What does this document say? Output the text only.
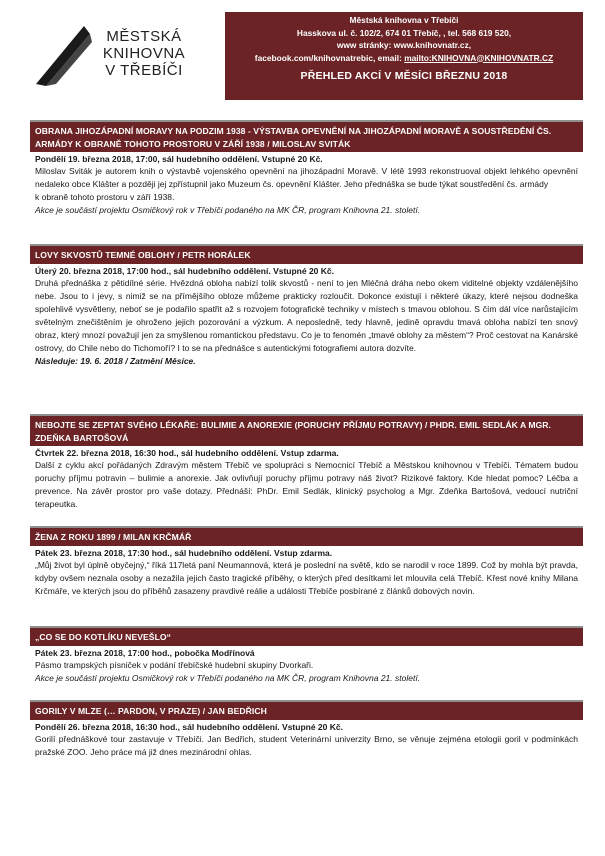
MĚSTSKÁ
KNIHOVNA
V TŘEBÍČI
Městská knihovna v Třebíči
Hasskova ul. č. 102/2, 674 01 Třebíč, , tel. 568 619 520,
www stránky: www.knihovnatr.cz,
facebook.com/knihovnatrebic, email: mailto:KNIHOVNA@KNIHOVNATR.CZ
PŘEHLED AKCÍ V MĚSÍCI BŘEZNU 2018
OBRANA JIHOZÁPADNÍ MORAVY NA PODZIM 1938 - VÝSTAVBA OPEVNĚNÍ NA JIHOZÁPADNÍ MORAVĚ A SOUSTŘEDĚNÍ ČS. ARMÁDY K OBRANĚ TOHOTO PROSTORU V ZÁŘÍ 1938 / MILOSLAV SVITÁK
Pondělí 19. března 2018, 17:00, sál hudebního oddělení. Vstupné 20 Kč.

Miloslav Sviták je autorem knih o výstavbě vojenského opevnění na jihozápadní Moravě. V létě 1993 rekonstruoval objekt lehkého opevnění nedaleko obce Klášter a později jej zpřístupnil jako Muzeum čs. opevnění Klášter. Jeho přednáška se bude týkat soustředění čs. armády

k obraně tohoto prostoru v září 1938.

Akce je součástí projektu Osmičkový rok v Třebíči podaného na MK ČR, program Knihovna 21. století.
LOVY SKVOSTŮ TEMNÉ OBLOHY / PETR HORÁLEK
Úterý 20. března 2018, 17:00 hod., sál hudebního oddělení. Vstupné 20 Kč.

Druhá přednáška z pětidílné série. Hvězdná obloha nabízí tolik skvostů - není to jen Mléčná dráha nebo okem viditelné objekty vzdálenějšího nebe. Jsou to i jevy, s nimiž se na přímějšího obloze můžeme prakticky rozloučit. Dokonce existují i některé úkazy, které nejsou dodneška spolehlivě vysvětleny, neboť se je podařilo spatřit až s rozvojem fotografické techniky v místech s tmavou oblohou. S čím dál více narůstajícím světelným znečištěním je ohroženo jejich pozorování a výzkum. A neposledně, tedy hlavně, jedině opravdu tmavá obloha nabízí ten snový obraz, který mnozí považují jen za smyšlenou romantickou představu. Co je to fenomén „tmavé oblohy za městem“? Proč cestovat na Kanárské ostrovy, do Chile nebo do Tichomoří? I to se na přednášce s autentickými fotografiemi autora dozvíte.

Následuje: 19. 6. 2018 / Zatmění Měsíce.
NEBOJTE SE ZEPTAT SVÉHO LÉKAŘE: BULIMIE A ANOREXIE (PORUCHY PŘÍJMU POTRAVY) / PHDR. EMIL SEDLÁK A MGR. ZDEŇKA BARTOŠOVÁ
Čtvrtek 22. března 2018, 16:30 hod., sál hudebního oddělení. Vstup zdarma.

Další z cyklu akcí pořádaných Zdravým městem Třebíč ve spolupráci s Nemocnicí Třebíč a Městskou knihovnou v Třebíči. Tématem budou poruchy příjmu potravin – bulimie a anorexie. Jak ovlivňují poruchy příjmu potravy náš život? Rizikové faktory. Kde hledat pomoc? Léčba a prevence. Na závěr prostor pro vaše dotazy. Přednáší: PhDr. Emil Sedlák, klinický psycholog a Mgr. Zdeňka Bartošová, vedoucí nutriční terapeutka.

ŽENA Z ROKU 1899 / MILAN KRČMÁŘ
Pátek 23. března 2018, 17:30 hod., sál hudebního oddělení. Vstup zdarma.

„Můj život byl úplně obyčejný,“ říká 117letá paní Neumannová, která je poslední na světě, kdo se narodil v roce 1899. Což by mohla být pravda, kdyby ovšem neznala osoby a nezažila jejich často tragické příběhy, o kterých před desítkami let mlouvila celá Třebíč. Křest nové knihy Milana Krčmáře, ve kterých jsou do příběhů zasazeny pravdivé reálie a události Třebíče posbírané z článků dobových novin.

„CO SE DO KOTLÍKU NEVEŠLO“
Pátek 23. března 2018, 17:00 hod., pobočka Modřínová

Pásmo trampských písniček v podání třebíčské hudební skupiny Dvorkaři.

Akce je součástí projektu Osmičkový rok v Třebíči podaného na MK ČR, program Knihovna 21. století.
GORILY V MLZE (… PARDON, V PRAZE) / JAN BEDŘICH
Pondělí 26. března 2018, 16:30 hod., sál hudebního oddělení. Vstupné 20 Kč.

Gorilí přednáškové tour zastavuje v Třebíči. Jan Bedřich, student Veterinární univerzity Brno, se věnuje zejména etologii goril v podmínkách pražské ZOO. Jeho práce má již dnes mezinárodní ohlas.
